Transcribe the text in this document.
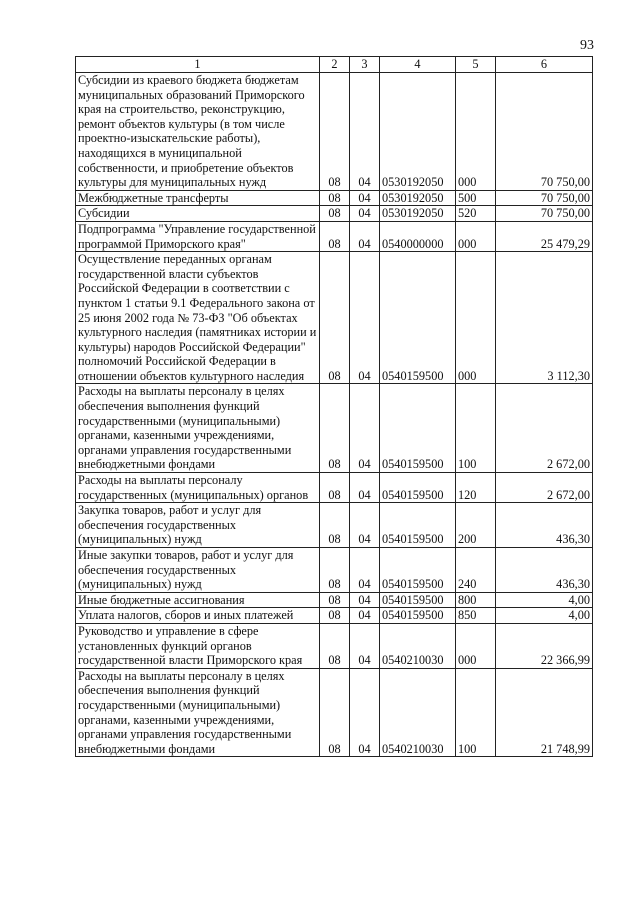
93
1	2	3	4	5	6
Субсидии из краевого бюджета бюджетам муниципальных образований Приморского края на строительство, реконструкцию, ремонт объектов культуры (в том числе проектно-изыскательские работы), находящихся в муниципальной собственности, и приобретение объектов культуры для муниципальных нужд	08	04	0530192050	000	70 750,00
Межбюджетные трансферты	08	04	0530192050	500	70 750,00
Субсидии	08	04	0530192050	520	70 750,00
Подпрограмма "Управление государственной программой Приморского края"	08	04	0540000000	000	25 479,29
Осуществление переданных органам государственной власти субъектов Российской Федерации в соответствии с пунктом 1 статьи 9.1 Федерального закона от 25 июня 2002 года № 73-ФЗ "Об объектах культурного наследия (памятниках истории и культуры) народов Российской Федерации" полномочий Российской Федерации в отношении объектов культурного наследия	08	04	0540159500	000	3 112,30
Расходы на выплаты персоналу в целях обеспечения выполнения функций государственными (муниципальными) органами, казенными учреждениями, органами управления государственными внебюджетными фондами	08	04	0540159500	100	2 672,00
Расходы на выплаты персоналу государственных (муниципальных) органов	08	04	0540159500	120	2 672,00
Закупка товаров, работ и услуг для обеспечения государственных (муниципальных) нужд	08	04	0540159500	200	436,30
Иные закупки товаров, работ и услуг для обеспечения государственных (муниципальных) нужд	08	04	0540159500	240	436,30
Иные бюджетные ассигнования	08	04	0540159500	800	4,00
Уплата налогов, сборов и иных платежей	08	04	0540159500	850	4,00
Руководство и управление в сфере установленных функций органов государственной власти Приморского края	08	04	0540210030	000	22 366,99
Расходы на выплаты персоналу в целях обеспечения выполнения функций государственными (муниципальными) органами, казенными учреждениями, органами управления государственными внебюджетными фондами	08	04	0540210030	100	21 748,99
